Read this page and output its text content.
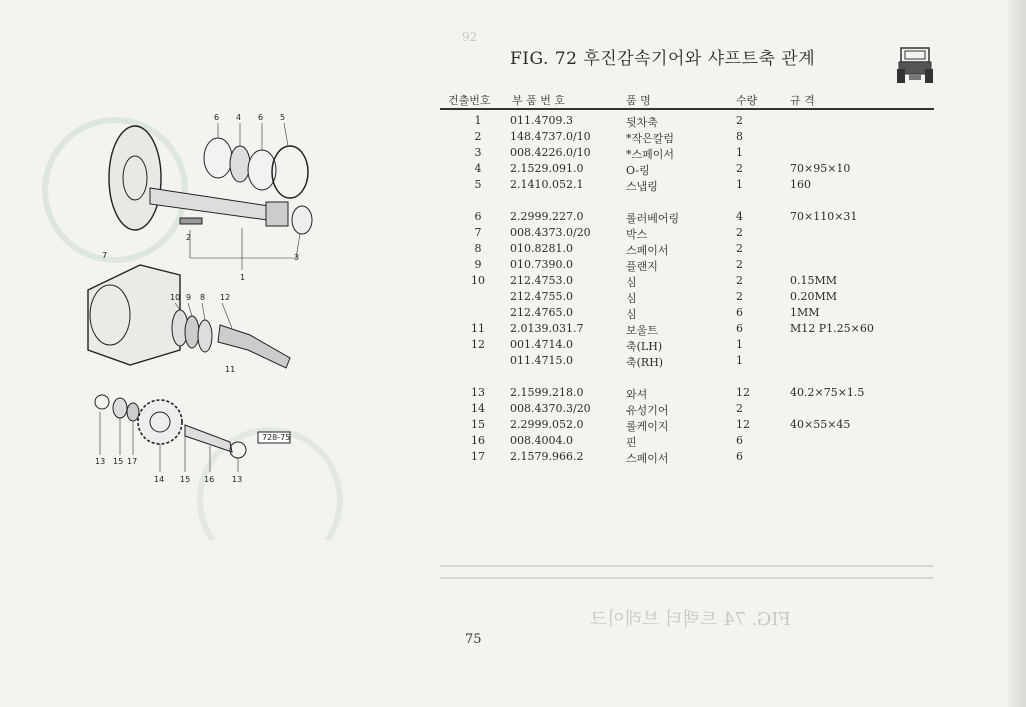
92
FIG. 72 후진감속기어와 샤프트축 관계
건출번호 부 품 번 호	품 명	수량	규 격
1	011.4709.3	뒷차축	2
2	148.4737.0/10	*작은칼럼	8
3	008.4226.0/10	*스페이서	1
4	2.1529.091.0	O-링	2	70×95×10
5	2.1410.052.1	스냅링	1	160
6	2.2999.227.0	롤러베어링	4	70×110×31
7	008.4373.0/20	박스	2
8	010.8281.0	스페이서	2
9	010.7390.0	플랜지	2
10 212.4753.0	심	2	0.15MM
212.4755.0	심	2	0.20MM
212.4765.0	심	6	1MM
11 2.0139.031.7	보울트	6	M12 P1.25×60
12 001.4714.0	축(LH)	1
011.4715.0	축(RH)	1
13 2.1599.218.0	와셔	12	40.2×75×1.5
14 008.4370.3/20	유성기어	2
15 2.2999.052.0	롤케이지	12	40×55×45
16 008.4004.0	핀	6
17 2.1579.966.2	스페이서	6
728-75
6 4 6 5
2
3
1
7
10 9 8 12
11
13 15 17
14 15 16 13
FIG. 74 트랙터 브레이크
75
